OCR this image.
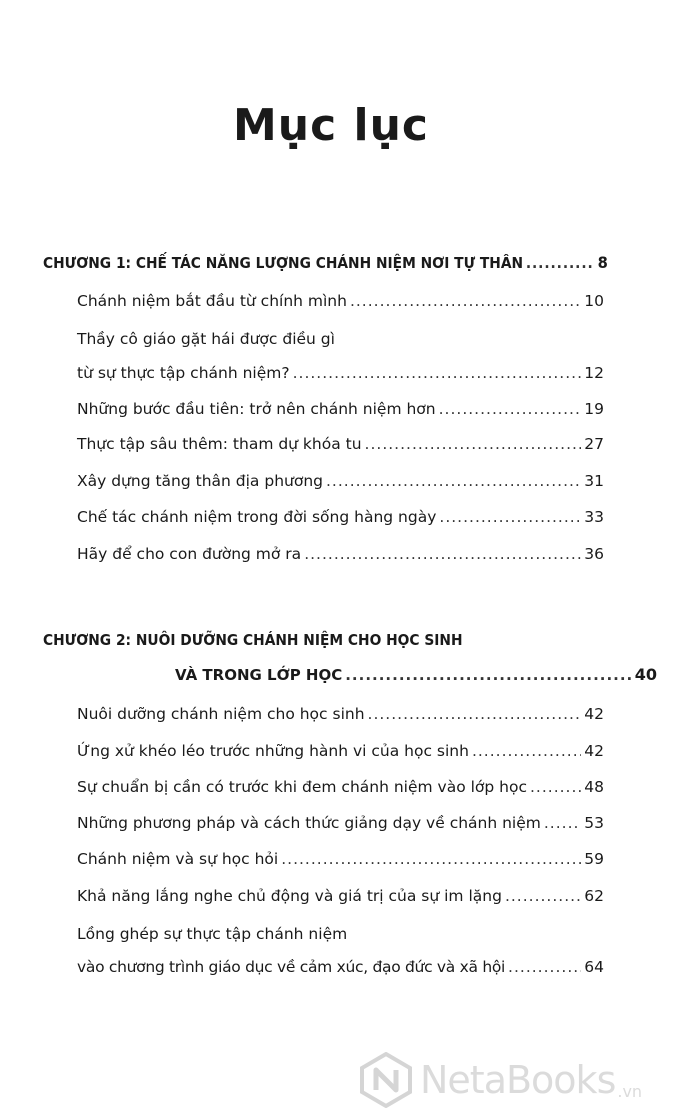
Mục lục
CHƯƠNG 1: CHẾ TÁC NĂNG LƯỢNG CHÁNH NIỆM NƠI TỰ THÂN .....	8
Chánh niệm bắt đầu từ chính mình .....	10
Thầy cô giáo gặt hái được điều gì
từ sự thực tập chánh niệm? .....	12
Những bước đầu tiên: trở nên chánh niệm hơn .....	19
Thực tập sâu thêm: tham dự khóa tu .....	27
Xây dựng tăng thân địa phương .....	31
Chế tác chánh niệm trong đời sống hàng ngày .....	33
Hãy để cho con đường mở ra .....	36
CHƯƠNG 2: NUÔI DƯỠNG CHÁNH NIỆM CHO HỌC SINH
VÀ TRONG LỚP HỌC .....	40
Nuôi dưỡng chánh niệm cho học sinh .....	42
Ứng xử khéo léo trước những hành vi của học sinh .....	42
Sự chuẩn bị cần có trước khi đem chánh niệm vào lớp học .....	48
Những phương pháp và cách thức giảng dạy về chánh niệm .....	53
Chánh niệm và sự học hỏi .....	59
Khả năng lắng nghe chủ động và giá trị của sự im lặng .....	62
Lồng ghép sự thực tập chánh niệm
vào chương trình giáo dục về cảm xúc, đạo đức và xã hội .....	64
NetaBooks .vn
